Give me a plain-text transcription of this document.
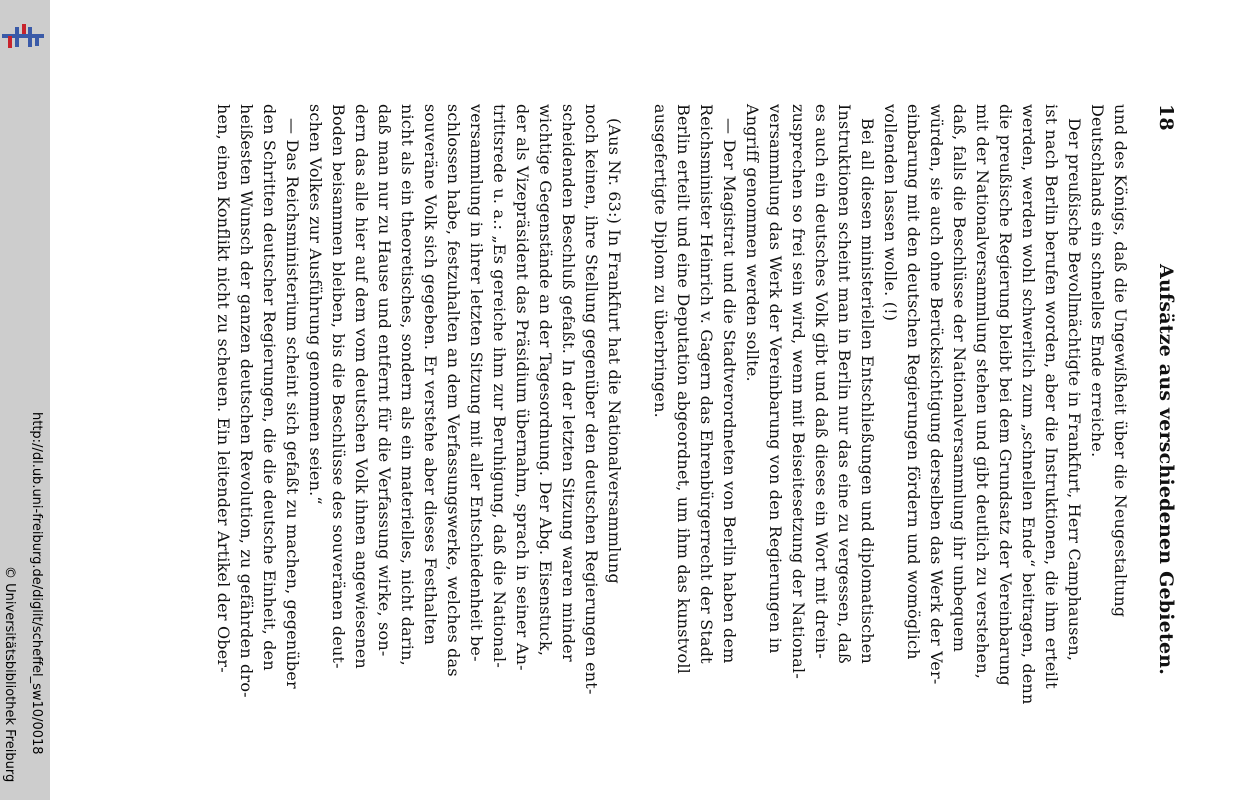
http://dl.ub.uni-freiburg.de/diglit/scheffel_sw10/0018
© Universitätsbibliothek Freiburg
18
Aufsätze aus verschiedenen Gebieten.
und des Königs, daß die Ungewißheit über die Neugestaltung
Deutschlands ein schnelles Ende erreiche.
Der preußische Bevollmächtigte in Frankfurt, Herr Camphausen,
ist nach Berlin berufen worden, aber die Instruktionen, die ihm erteilt
werden, werden wohl schwerlich zum „schnellen Ende“ beitragen, denn
die preußische Regierung bleibt bei dem Grundsatz der Vereinbarung
mit der Nationalversammlung stehen und gibt deutlich zu verstehen,
daß, falls die Beschlüsse der Nationalversammlung ihr unbequem
würden, sie auch ohne Berücksichtigung derselben das Werk der Ver-
einbarung mit den deutschen Regierungen fördern und womöglich
vollenden lassen wolle. (!)
Bei all diesen ministeriellen Entschließungen und diplomatischen
Instruktionen scheint man in Berlin nur das eine zu vergessen, daß
es auch ein deutsches Volk gibt und daß dieses ein Wort mit drein-
zusprechen so frei sein wird, wenn mit Beiseitesetzung der National-
versammlung das Werk der Vereinbarung von den Regierungen in
Angriff genommen werden sollte.
— Der Magistrat und die Stadtverordneten von Berlin haben dem
Reichsminister Heinrich v. Gagern das Ehrenbürgerrecht der Stadt
Berlin erteilt und eine Deputation abgeordnet, um ihm das kunstvoll
ausgefertigte Diplom zu überbringen.
(Aus Nr. 63:) In Frankfurt hat die Nationalversammlung
noch keinen, ihre Stellung gegenüber den deutschen Regierungen ent-
scheidenden Beschluß gefaßt. In der letzten Sitzung waren minder
wichtige Gegenstände an der Tagesordnung. Der Abg. Eisenstuck,
der als Vizepräsident das Präsidium übernahm, sprach in seiner An-
trittsrede u. a.: „Es gereiche ihm zur Beruhigung, daß die National-
versammlung in ihrer letzten Sitzung mit aller Entschiedenheit be-
schlossen habe, festzuhalten an dem Verfassungswerke, welches das
souveräne Volk sich gegeben. Er verstehe aber dieses Festhalten
nicht als ein theoretisches, sondern als ein materielles, nicht darin,
daß man nur zu Hause und entfernt für die Verfassung wirke, son-
dern das alle hier auf dem vom deutschen Volk ihnen angewiesenen
Boden beisammen bleiben, bis die Beschlüsse des souveränen deut-
schen Volkes zur Ausführung genommen seien.“
— Das Reichsministerium scheint sich gefaßt zu machen, gegenüber
den Schritten deutscher Regierungen, die die deutsche Einheit, den
heißesten Wunsch der ganzen deutschen Revolution, zu gefährden dro-
hen, einen Konflikt nicht zu scheuen. Ein leitender Artikel der Ober-
